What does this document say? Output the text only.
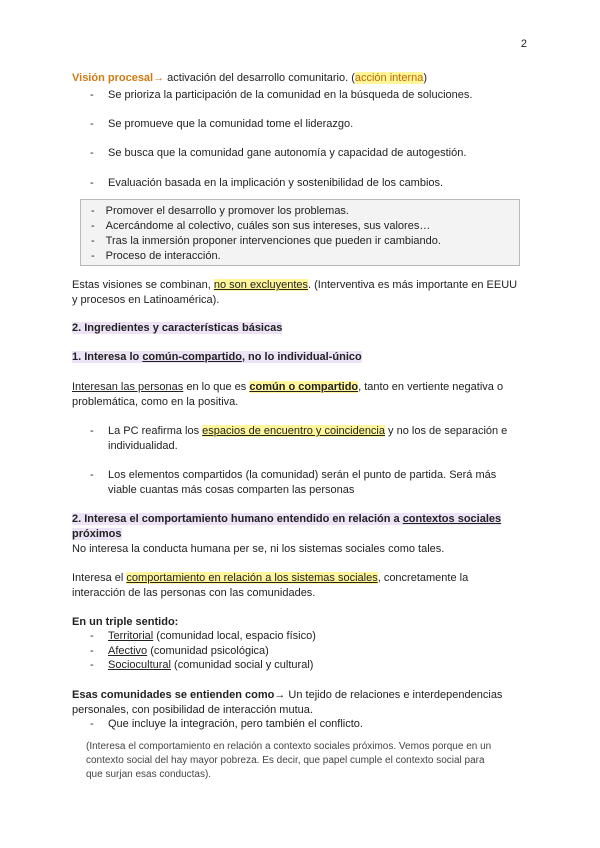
2
Visión procesal→ activación del desarrollo comunitario. (acción interna)
- Se prioriza la participación de la comunidad en la búsqueda de soluciones.
- Se promueve que la comunidad tome el liderazgo.
- Se busca que la comunidad gane autonomía y capacidad de autogestión.
- Evaluación basada en la implicación y sostenibilidad de los cambios.
- Promover el desarrollo y promover los problemas.
- Acercándome al colectivo, cuáles son sus intereses, sus valores…
- Tras la inmersión proponer intervenciones que pueden ir cambiando.
- Proceso de interacción.
Estas visiones se combinan, no son excluyentes. (Interventiva es más importante en EEUU
y procesos en Latinoamérica).
2. Ingredientes y características básicas
1. Interesa lo común-compartido, no lo individual-único
Interesan las personas en lo que es común o compartido, tanto en vertiente negativa o
problemática, como en la positiva.
- La PC reafirma los espacios de encuentro y coincidencia y no los de separación e
individualidad.
- Los elementos compartidos (la comunidad) serán el punto de partida. Será más
viable cuantas más cosas comparten las personas
2. Interesa el comportamiento humano entendido en relación a contextos sociales
próximos
No interesa la conducta humana per se, ni los sistemas sociales como tales.
Interesa el comportamiento en relación a los sistemas sociales, concretamente la
interacción de las personas con las comunidades.
En un triple sentido:
- Territorial (comunidad local, espacio físico)
- Afectivo (comunidad psicológica)
- Sociocultural (comunidad social y cultural)
Esas comunidades se entienden como→ Un tejido de relaciones e interdependencias
personales, con posibilidad de interacción mutua.
- Que incluye la integración, pero también el conflicto.
(Interesa el comportamiento en relación a contexto sociales próximos. Vemos porque en un
contexto social del hay mayor pobreza. Es decir, que papel cumple el contexto social para
que surjan esas conductas).
